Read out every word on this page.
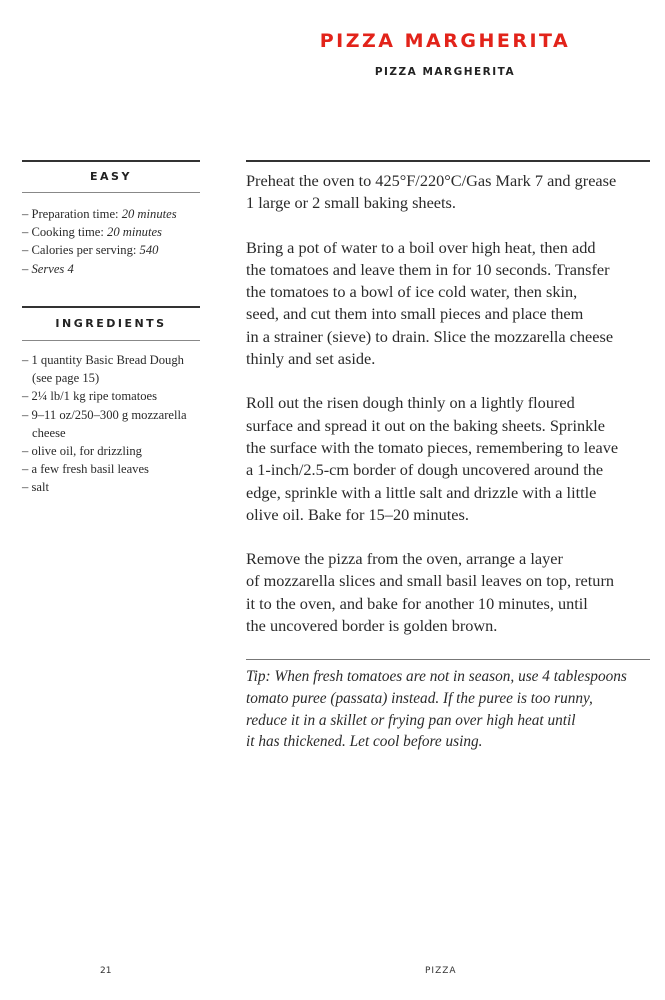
PIZZA MARGHERITA
PIZZA MARGHERITA
EASY
– Preparation time: 20 minutes
– Cooking time: 20 minutes
– Calories per serving: 540
– Serves 4
INGREDIENTS
– 1 quantity Basic Bread Dough (see page 15)
– 2¼ lb/1 kg ripe tomatoes
– 9–11 oz/250–300 g mozzarella cheese
– olive oil, for drizzling
– a few fresh basil leaves
– salt

Preheat the oven to 425°F/220°C/Gas Mark 7 and grease
1 large or 2 small baking sheets.

Bring a pot of water to a boil over high heat, then add
the tomatoes and leave them in for 10 seconds. Transfer
the tomatoes to a bowl of ice cold water, then skin,
seed, and cut them into small pieces and place them
in a strainer (sieve) to drain. Slice the mozzarella cheese
thinly and set aside.

Roll out the risen dough thinly on a lightly floured
surface and spread it out on the baking sheets. Sprinkle
the surface with the tomato pieces, remembering to leave
a 1-inch/2.5-cm border of dough uncovered around the
edge, sprinkle with a little salt and drizzle with a little
olive oil. Bake for 15–20 minutes.

Remove the pizza from the oven, arrange a layer
of mozzarella slices and small basil leaves on top, return
it to the oven, and bake for another 10 minutes, until
the uncovered border is golden brown.

Tip: When fresh tomatoes are not in season, use 4 tablespoons
tomato puree (passata) instead. If the puree is too runny,
reduce it in a skillet or frying pan over high heat until
it has thickened. Let cool before using.
21	PIZZA
